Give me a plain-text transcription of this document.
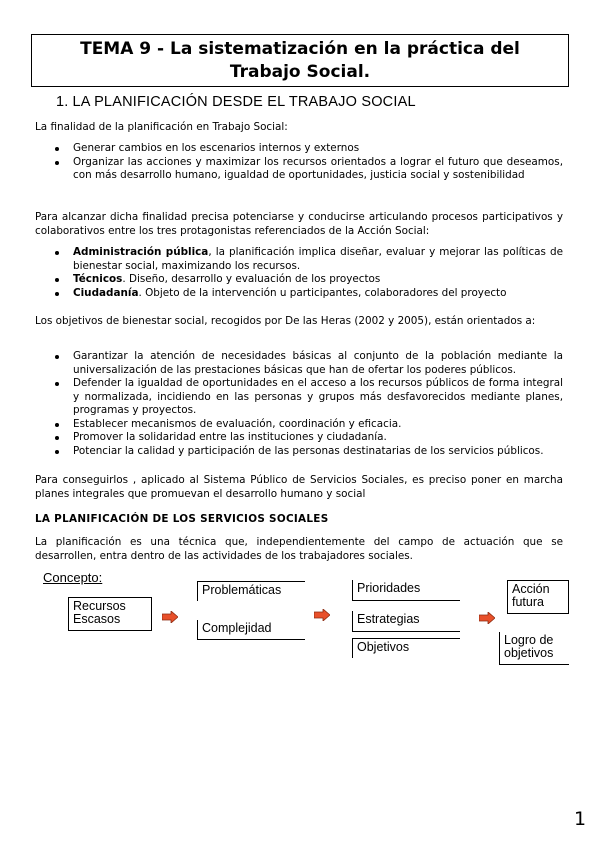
TEMA 9 - La sistematización en la práctica del
Trabajo Social.
1. LA PLANIFICACIÓN DESDE EL TRABAJO SOCIAL
La finalidad de la planificación en Trabajo Social:
Generar cambios en los escenarios internos y externos
Organizar las acciones y maximizar los recursos orientados a lograr el futuro que deseamos, con más desarrollo humano, igualdad de oportunidades, justicia social y sostenibilidad
Para alcanzar dicha finalidad precisa potenciarse y conducirse articulando procesos participativos y colaborativos entre los tres protagonistas referenciados de la Acción Social:
Administración pública, la planificación implica diseñar, evaluar y mejorar las políticas de bienestar social, maximizando los recursos.
Técnicos. Diseño, desarrollo y evaluación de los proyectos
Ciudadanía. Objeto de la intervención u participantes, colaboradores del proyecto
Los objetivos de bienestar social, recogidos por De las Heras (2002 y 2005), están orientados a:
Garantizar la atención de necesidades básicas al conjunto de la población mediante la universalización de las prestaciones básicas que han de ofertar los poderes públicos.
Defender la igualdad de oportunidades en el acceso a los recursos públicos de forma integral y normalizada, incidiendo en las personas y grupos más desfavorecidos mediante planes, programas y proyectos.
Establecer mecanismos de evaluación, coordinación y eficacia.
Promover la solidaridad entre las instituciones y ciudadanía.
Potenciar la calidad y participación de las personas destinatarias de los servicios públicos.
Para conseguirlos , aplicado al Sistema Público de Servicios Sociales, es preciso poner en marcha planes integrales que promuevan el desarrollo humano y social
LA PLANIFICACIÓN DE LOS SERVICIOS SOCIALES
La planificación es una técnica que, independientemente del campo de actuación que se desarrollen, entra dentro de las actividades de los trabajadores sociales.
Concepto:
Recursos
Escasos
Problemáticas
Complejidad
Prioridades
Estrategias
Objetivos
Acción
futura
Logro de
objetivos
1
